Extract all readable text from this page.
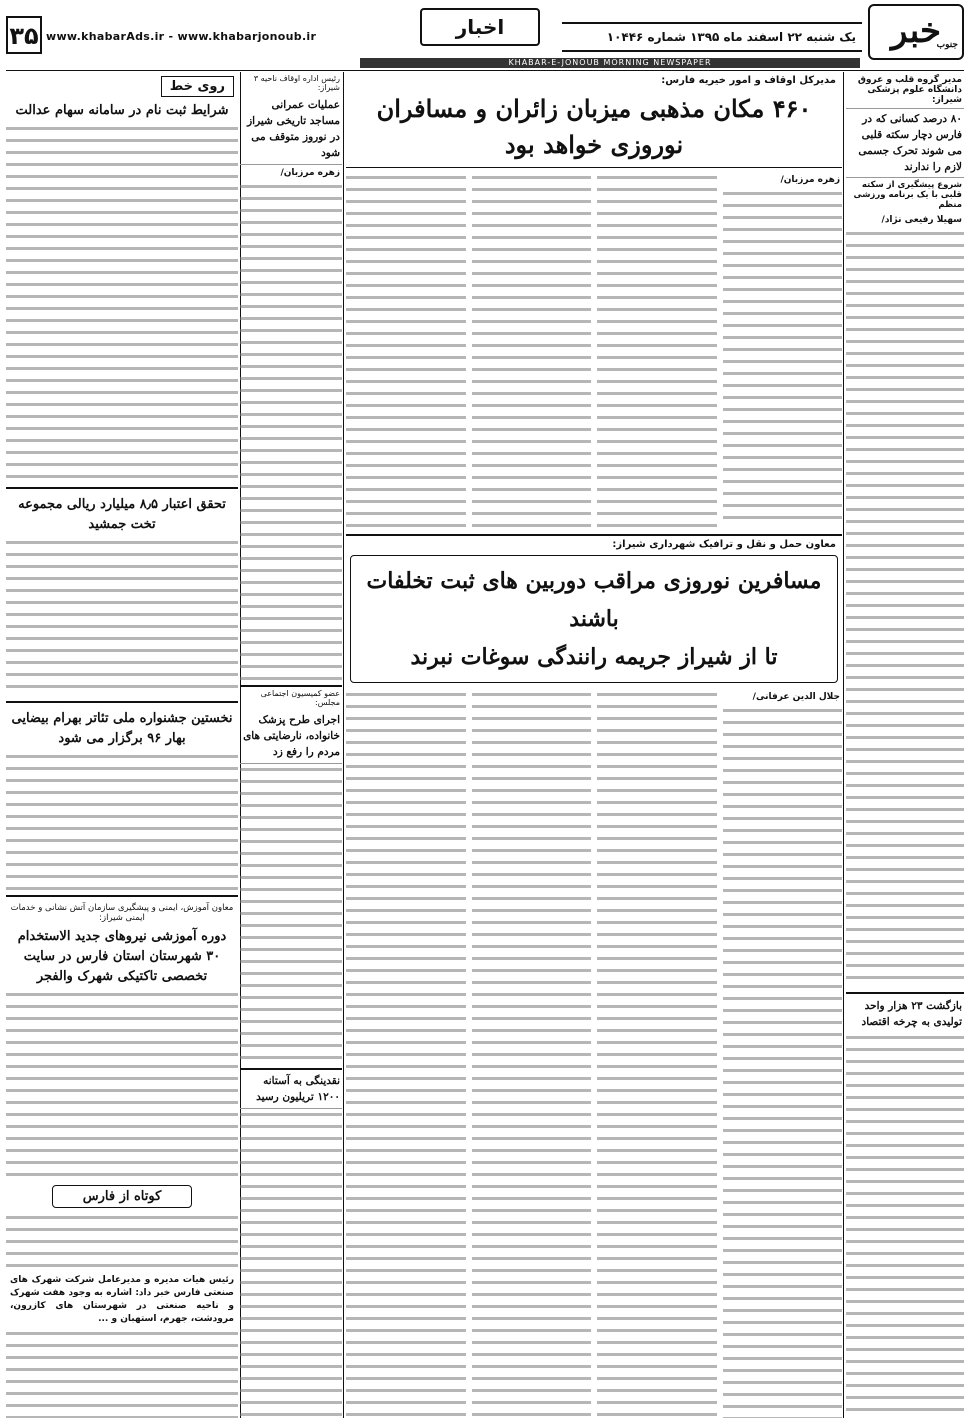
خبر
جنوب
یک شنبه ۲۲ اسفند ماه ۱۳۹۵ شماره ۱۰۴۴۶
اخبار
www.khabarAds.ir - www.khabarjonoub.ir
۳۵
KHABAR-E-JONOUB MORNING NEWSPAPER
مدیر گروه قلب و عروق دانشگاه علوم پزشکی شیراز:
۸۰ درصد کسانی که در فارس دچار سکته قلبی می شوند تحرک جسمی لازم را ندارند
شروع پیشگیری از سکته قلبی با یک برنامه ورزشی منظم
سهیلا رفیعی نژاد/
بازگشت ۲۳ هزار واحد تولیدی به چرخه اقتصاد
مدیرکل اوقاف و امور خیریه فارس:
۴۶۰ مکان مذهبی میزبان زائران و مسافران نوروزی خواهد بود
زهره مرزبان/
معاون حمل و نقل و ترافیک شهرداری شیراز:
مسافرین نوروزی مراقب دوربین های ثبت تخلفات باشند
تا از شیراز جریمه رانندگی سوغات نبرند
جلال الدین عرفانی/
رئیس اداره اوقاف ناحیه ۳ شیراز:
عملیات عمرانی مساجد تاریخی شیراز در نوروز متوقف می شود
زهره مرزبان/
عضو کمیسیون اجتماعی مجلس:
اجرای طرح پزشک خانواده، نارضایتی های مردم را رفع زد
نقدینگی به آستانه ۱۲۰۰ تریلیون رسید
روی خط
شرایط ثبت نام در سامانه سهام عدالت
تحقق اعتبار ۸٫۵ میلیارد ریالی مجموعه تخت جمشید
نخستین جشنواره ملی تئاتر بهرام بیضایی بهار ۹۶ برگزار می شود
معاون آموزش، ایمنی و پیشگیری سازمان آتش نشانی و خدمات ایمنی شیراز:
دوره آموزشی نیروهای جدید الاستخدام ۳۰ شهرستان استان فارس در سایت تخصصی تاکتیکی شهرک والفجر
کوتاه از فارس
رئیس هیات مدیره و مدیرعامل شرکت شهرک های صنعتی فارس خبر داد: اشاره به وجود هفت شهرک و ناحیه صنعتی در شهرستان های کازرون، مرودشت، جهرم، استهبان و ...
